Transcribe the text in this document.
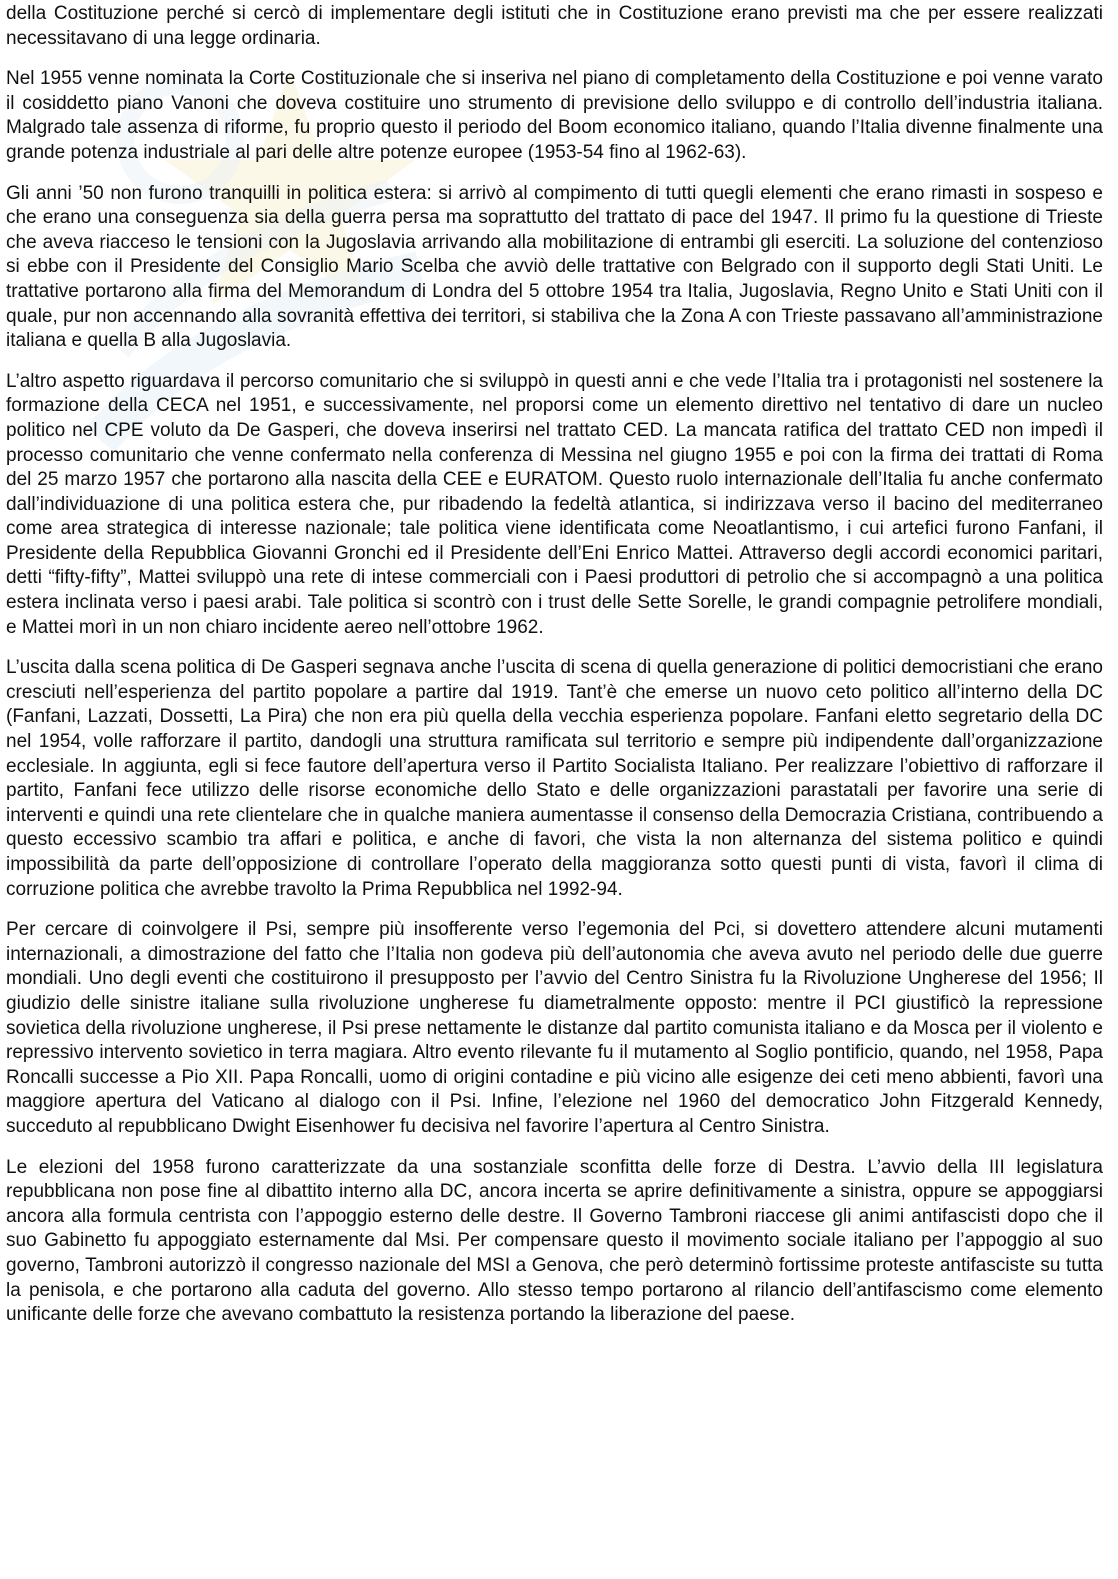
della Costituzione perché si cercò di implementare degli istituti che in Costituzione erano previsti ma che per essere realizzati necessitavano di una legge ordinaria.

Nel 1955 venne nominata la Corte Costituzionale che si inseriva nel piano di completamento della Costituzione e poi venne varato il cosiddetto piano Vanoni che doveva costituire uno strumento di previsione dello sviluppo e di controllo dell’industria italiana. Malgrado tale assenza di riforme, fu proprio questo il periodo del Boom economico italiano, quando l’Italia divenne finalmente una grande potenza industriale al pari delle altre potenze europee (1953-54 fino al 1962-63).

Gli anni ’50 non furono tranquilli in politica estera: si arrivò al compimento di tutti quegli elementi che erano rimasti in sospeso e che erano una conseguenza sia della guerra persa ma soprattutto del trattato di pace del 1947. Il primo fu la questione di Trieste che aveva riacceso le tensioni con la Jugoslavia arrivando alla mobilitazione di entrambi gli eserciti. La soluzione del contenzioso si ebbe con il Presidente del Consiglio Mario Scelba che avviò delle trattative con Belgrado con il supporto degli Stati Uniti. Le trattative portarono alla firma del Memorandum di Londra del 5 ottobre 1954 tra Italia, Jugoslavia, Regno Unito e Stati Uniti con il quale, pur non accennando alla sovranità effettiva dei territori, si stabiliva che la Zona A con Trieste passavano all’amministrazione italiana e quella B alla Jugoslavia.

L’altro aspetto riguardava il percorso comunitario che si sviluppò in questi anni e che vede l’Italia tra i protagonisti nel sostenere la formazione della CECA nel 1951, e successivamente, nel proporsi come un elemento direttivo nel tentativo di dare un nucleo politico nel CPE voluto da De Gasperi, che doveva inserirsi nel trattato CED. La mancata ratifica del trattato CED non impedì il processo comunitario che venne confermato nella conferenza di Messina nel giugno 1955 e poi con la firma dei trattati di Roma del 25 marzo 1957 che portarono alla nascita della CEE e EURATOM. Questo ruolo internazionale dell’Italia fu anche confermato dall’individuazione di una politica estera che, pur ribadendo la fedeltà atlantica, si indirizzava verso il bacino del mediterraneo come area strategica di interesse nazionale; tale politica viene identificata come Neoatlantismo, i cui artefici furono Fanfani, il Presidente della Repubblica Giovanni Gronchi ed il Presidente dell’Eni Enrico Mattei. Attraverso degli accordi economici paritari, detti “fifty-fifty”, Mattei sviluppò una rete di intese commerciali con i Paesi produttori di petrolio che si accompagnò a una politica estera inclinata verso i paesi arabi. Tale politica si scontrò con i trust delle Sette Sorelle, le grandi compagnie petrolifere mondiali, e Mattei morì in un non chiaro incidente aereo nell’ottobre 1962.

L’uscita dalla scena politica di De Gasperi segnava anche l’uscita di scena di quella generazione di politici democristiani che erano cresciuti nell’esperienza del partito popolare a partire dal 1919. Tant’è che emerse un nuovo ceto politico all’interno della DC (Fanfani, Lazzati, Dossetti, La Pira) che non era più quella della vecchia esperienza popolare. Fanfani eletto segretario della DC nel 1954, volle rafforzare il partito, dandogli una struttura ramificata sul territorio e sempre più indipendente dall’organizzazione ecclesiale. In aggiunta, egli si fece fautore dell’apertura verso il Partito Socialista Italiano. Per realizzare l’obiettivo di rafforzare il partito, Fanfani fece utilizzo delle risorse economiche dello Stato e delle organizzazioni parastatali per favorire una serie di interventi e quindi una rete clientelare che in qualche maniera aumentasse il consenso della Democrazia Cristiana, contribuendo a questo eccessivo scambio tra affari e politica, e anche di favori, che vista la non alternanza del sistema politico e quindi impossibilità da parte dell’opposizione di controllare l’operato della maggioranza sotto questi punti di vista, favorì il clima di corruzione politica che avrebbe travolto la Prima Repubblica nel 1992-94.

Per cercare di coinvolgere il Psi, sempre più insofferente verso l’egemonia del Pci, si dovettero attendere alcuni mutamenti internazionali, a dimostrazione del fatto che l’Italia non godeva più dell’autonomia che aveva avuto nel periodo delle due guerre mondiali. Uno degli eventi che costituirono il presupposto per l’avvio del Centro Sinistra fu la Rivoluzione Ungherese del 1956; Il giudizio delle sinistre italiane sulla rivoluzione ungherese fu diametralmente opposto: mentre il PCI giustificò la repressione sovietica della rivoluzione ungherese, il Psi prese nettamente le distanze dal partito comunista italiano e da Mosca per il violento e repressivo intervento sovietico in terra magiara. Altro evento rilevante fu il mutamento al Soglio pontificio, quando, nel 1958, Papa Roncalli successe a Pio XII. Papa Roncalli, uomo di origini contadine e più vicino alle esigenze dei ceti meno abbienti, favorì una maggiore apertura del Vaticano al dialogo con il Psi. Infine, l’elezione nel 1960 del democratico John Fitzgerald Kennedy, succeduto al repubblicano Dwight Eisenhower fu decisiva nel favorire l’apertura al Centro Sinistra.

Le elezioni del 1958 furono caratterizzate da una sostanziale sconfitta delle forze di Destra. L’avvio della III legislatura repubblicana non pose fine al dibattito interno alla DC, ancora incerta se aprire definitivamente a sinistra, oppure se appoggiarsi ancora alla formula centrista con l’appoggio esterno delle destre. Il Governo Tambroni riaccese gli animi antifascisti dopo che il suo Gabinetto fu appoggiato esternamente dal Msi. Per compensare questo il movimento sociale italiano per l’appoggio al suo governo, Tambroni autorizzò il congresso nazionale del MSI a Genova, che però determinò fortissime proteste antifasciste su tutta la penisola, e che portarono alla caduta del governo. Allo stesso tempo portarono al rilancio dell’antifascismo come elemento unificante delle forze che avevano combattuto la resistenza portando la liberazione del paese.
